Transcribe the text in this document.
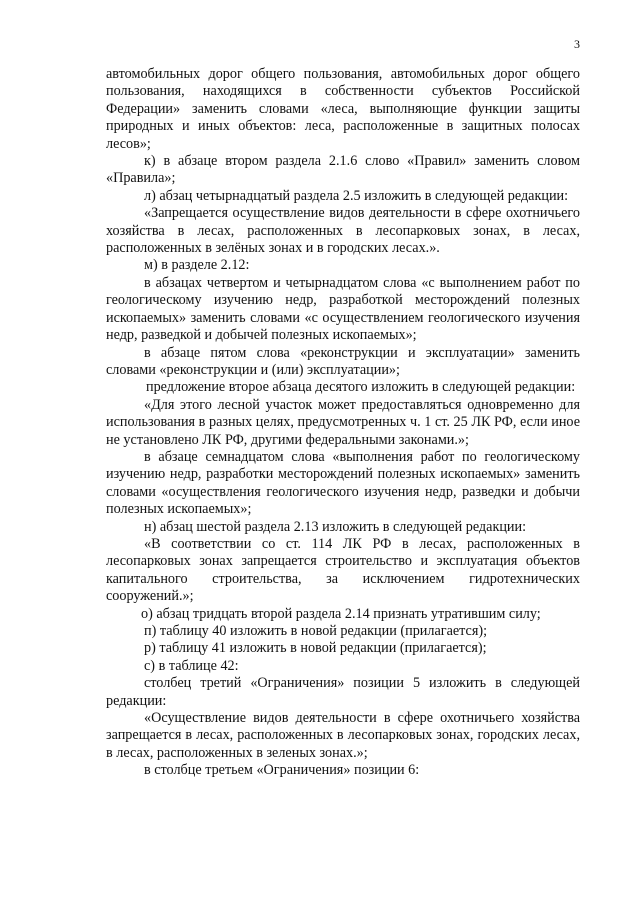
3

автомобильных дорог общего пользования, автомобильных дорог общего пользования, находящихся в собственности субъектов Российской Федерации» заменить словами «леса, выполняющие функции защиты природных и иных объектов: леса, расположенные в защитных полосах лесов»;

к) в абзаце втором раздела 2.1.6 слово «Правил» заменить словом «Правила»;

л) абзац четырнадцатый раздела 2.5 изложить в следующей редакции:

«Запрещается осуществление видов деятельности в сфере охотничьего хозяйства в лесах, расположенных в лесопарковых зонах, в лесах, расположенных в зелёных зонах и в городских лесах.».

м) в разделе 2.12:

в абзацах четвертом и четырнадцатом слова «с выполнением работ по геологическому изучению недр, разработкой месторождений полезных ископаемых» заменить словами «с осуществлением геологического изучения недр, разведкой и добычей полезных ископаемых»;

в абзаце пятом слова «реконструкции и эксплуатации» заменить словами «реконструкции и (или) эксплуатации»;

предложение второе абзаца десятого изложить в следующей редакции:

«Для этого лесной участок может предоставляться одновременно для использования в разных целях, предусмотренных ч. 1 ст. 25 ЛК РФ, если иное не установлено ЛК РФ, другими федеральными законами.»;

в абзаце семнадцатом слова «выполнения работ по геологическому изучению недр, разработки месторождений полезных ископаемых» заменить словами «осуществления геологического изучения недр, разведки и добычи полезных ископаемых»;

н) абзац шестой раздела 2.13 изложить в следующей редакции:

«В соответствии со ст. 114 ЛК РФ в лесах, расположенных в лесопарковых зонах запрещается строительство и эксплуатация объектов капитального строительства, за исключением гидротехнических сооружений.»;

о) абзац тридцать второй раздела 2.14 признать утратившим силу;

п) таблицу 40 изложить в новой редакции (прилагается);

р) таблицу 41 изложить в новой редакции (прилагается);

с) в таблице 42:

столбец третий «Ограничения» позиции 5 изложить в следующей редакции:

«Осуществление видов деятельности в сфере охотничьего хозяйства запрещается в лесах, расположенных в лесопарковых зонах, городских лесах, в лесах, расположенных в зеленых зонах.»;

в столбце третьем «Ограничения» позиции 6:
